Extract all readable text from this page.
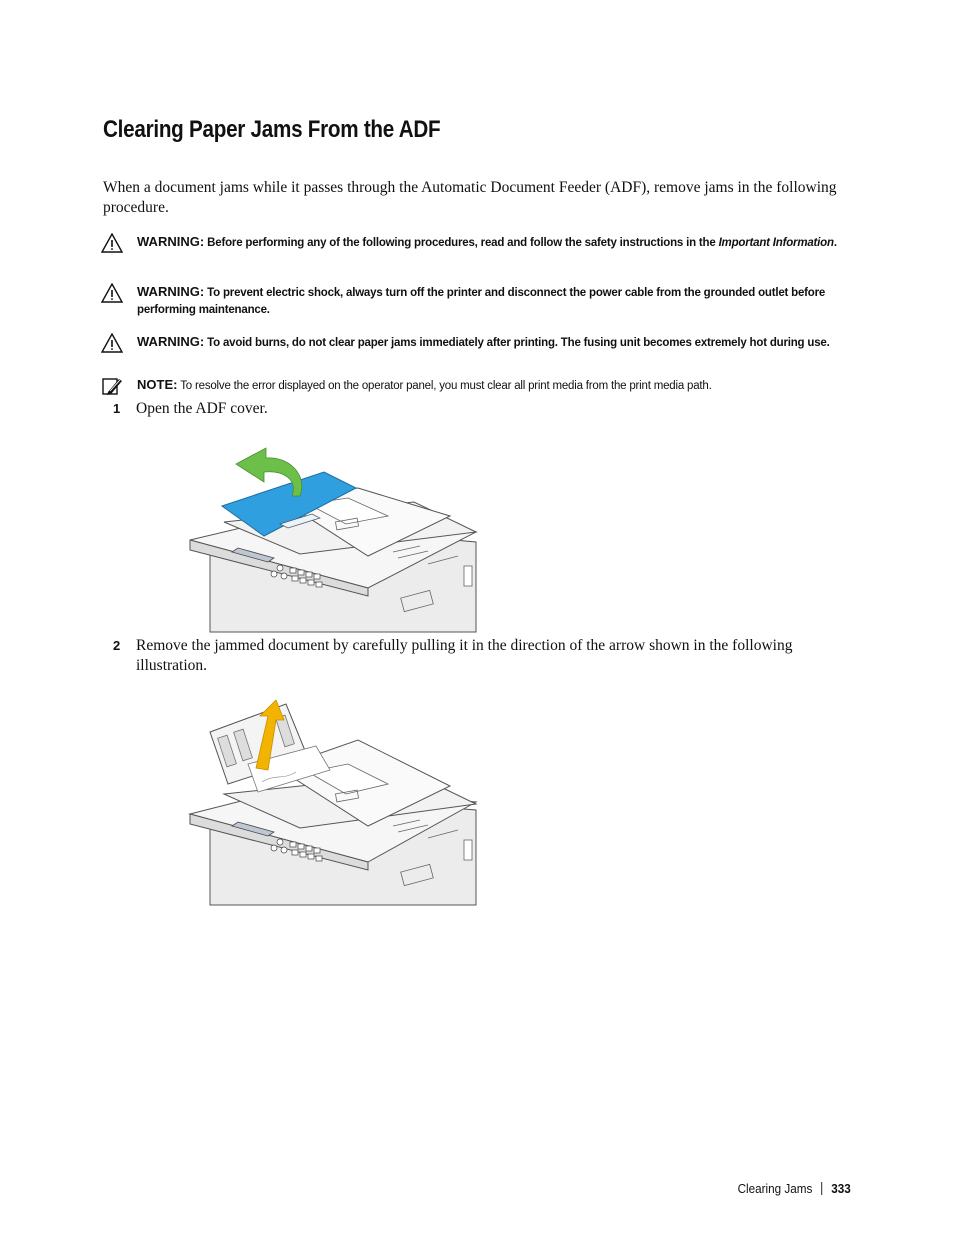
Clearing Paper Jams From the ADF

When a document jams while it passes through the Automatic Document Feeder (ADF), remove jams in the following procedure.

WARNING: Before performing any of the following procedures, read and follow the safety instructions in the Important Information.

WARNING: To prevent electric shock, always turn off the printer and disconnect the power cable from the grounded outlet before performing maintenance.

WARNING: To avoid burns, do not clear paper jams immediately after printing. The fusing unit becomes extremely hot during use.

NOTE: To resolve the error displayed on the operator panel, you must clear all print media from the print media path.

1 Open the ADF cover.

2 Remove the jammed document by carefully pulling it in the direction of the arrow shown in the following illustration.

Clearing Jams 333
